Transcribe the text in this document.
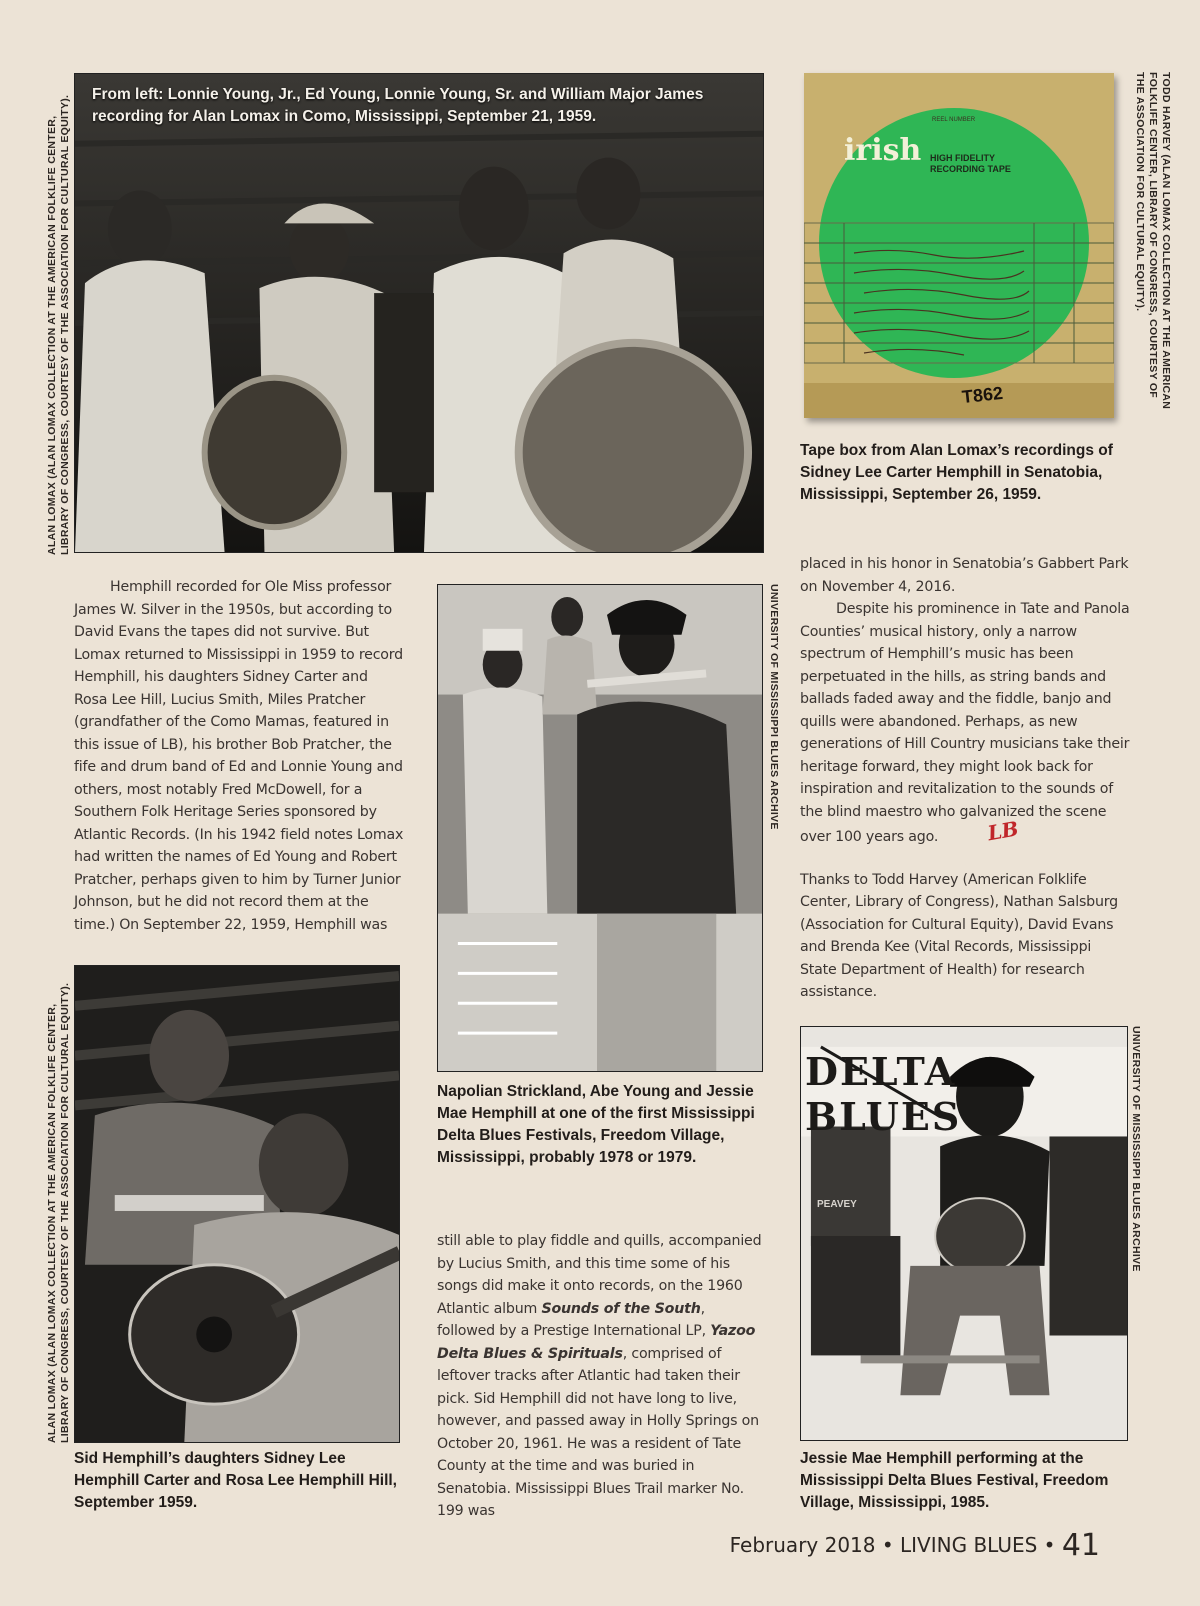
From left: Lonnie Young, Jr., Ed Young, Lonnie Young, Sr. and William Major James recording for Alan Lomax in Como, Mississippi, September 21, 1959.
ALAN LOMAX (ALAN LOMAX COLLECTION AT THE AMERICAN FOLKLIFE CENTER, LIBRARY OF CONGRESS, COURTESY OF THE ASSOCIATION FOR CULTURAL EQUITY).	irish HIGH FIDELITY RECORDING TAPE
REEL NUMBER
T862
Tape box from Alan Lomax’s recordings of Sidney Lee Carter Hemphill in Senatobia, Mississippi, September 26, 1959.
TODD HARVEY (ALAN LOMAX COLLECTION AT THE AMERICAN FOLKLIFE CENTER, LIBRARY OF CONGRESS, COURTESY OF THE ASSOCIATION FOR CULTURAL EQUITY).

Hemphill recorded for Ole Miss professor James W. Silver in the 1950s, but according to David Evans the tapes did not survive. But Lomax returned to Mississippi in 1959 to record Hemphill, his daughters Sidney Carter and Rosa Lee Hill, Lucius Smith, Miles Pratcher (grandfather of the Como Mamas, featured in this issue of LB), his brother Bob Pratcher, the fife and drum band of Ed and Lonnie Young and others, most notably Fred McDowell, for a Southern Folk Heritage Series sponsored by Atlantic Records. (In his 1942 field notes Lomax had written the names of Ed Young and Robert Pratcher, perhaps given to him by Turner Junior Johnson, but he did not record them at the time.) On September 22, 1959, Hemphill was

UNIVERSITY OF MISSISSIPPI BLUES ARCHIVE
Napolian Strickland, Abe Young and Jessie Mae Hemphill at one of the first Mississippi Delta Blues Festivals, Freedom Village, Mississippi, probably 1978 or 1979.

placed in his honor in Senatobia’s Gabbert Park on November 4, 2016.

Despite his prominence in Tate and Panola Counties’ musical history, only a narrow spectrum of Hemphill’s music has been perpetuated in the hills, as string bands and ballads faded away and the fiddle, banjo and quills were abandoned. Perhaps, as new generations of Hill Country musicians take their heritage forward, they might look back for inspiration and revitalization to the sounds of the blind maestro who galvanized the scene over 100 years ago. LB

Thanks to Todd Harvey (American Folklife Center, Library of Congress), Nathan Salsburg (Association for Cultural Equity), David Evans and Brenda Kee (Vital Records, Mississippi State Department of Health) for research assistance.

Sid Hemphill’s daughters Sidney Lee Hemphill Carter and Rosa Lee Hemphill Hill, September 1959.
ALAN LOMAX (ALAN LOMAX COLLECTION AT THE AMERICAN FOLKLIFE CENTER, LIBRARY OF CONGRESS, COURTESY OF THE ASSOCIATION FOR CULTURAL EQUITY).	still able to play fiddle and quills, accompanied by Lucius Smith, and this time some of his songs did make it onto records, on the 1960 Atlantic album Sounds of the South, followed by a Prestige International LP, Yazoo Delta Blues & Spirituals, comprised of leftover tracks after Atlantic had taken their pick. Sid Hemphill did not have long to live, however, and passed away in Holly Springs on October 20, 1961. He was a resident of Tate County at the time and was buried in Senatobia. Mississippi Blues Trail marker No. 199 was

DELTA BLUES
PEAVEY	UNIVERSITY OF MISSISSIPPI BLUES ARCHIVE
Jessie Mae Hemphill performing at the Mississippi Delta Blues Festival, Freedom Village, Mississippi, 1985.
February 2018 • LIVING BLUES • 41
